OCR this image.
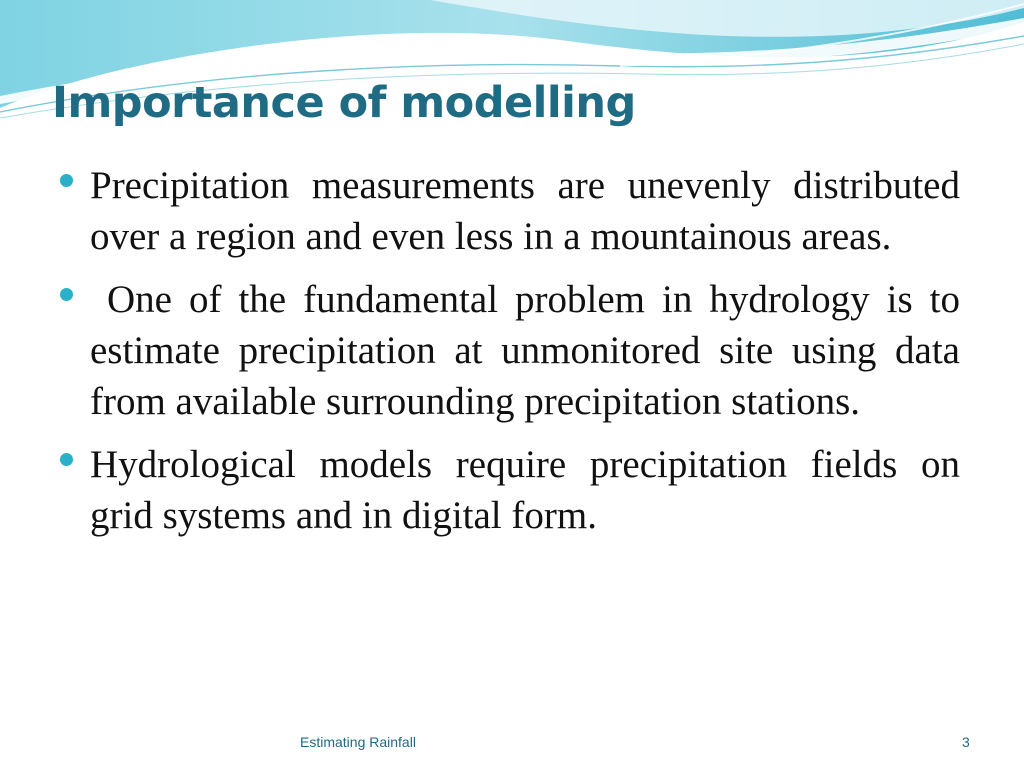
Importance of modelling
Precipitation measurements are unevenly distributed over a region and even less in a mountainous areas.
One of the fundamental problem in hydrology is to estimate precipitation at unmonitored site using data from available surrounding precipitation stations.
Hydrological models require precipitation fields on grid systems and in digital form.
Estimating Rainfall	3
